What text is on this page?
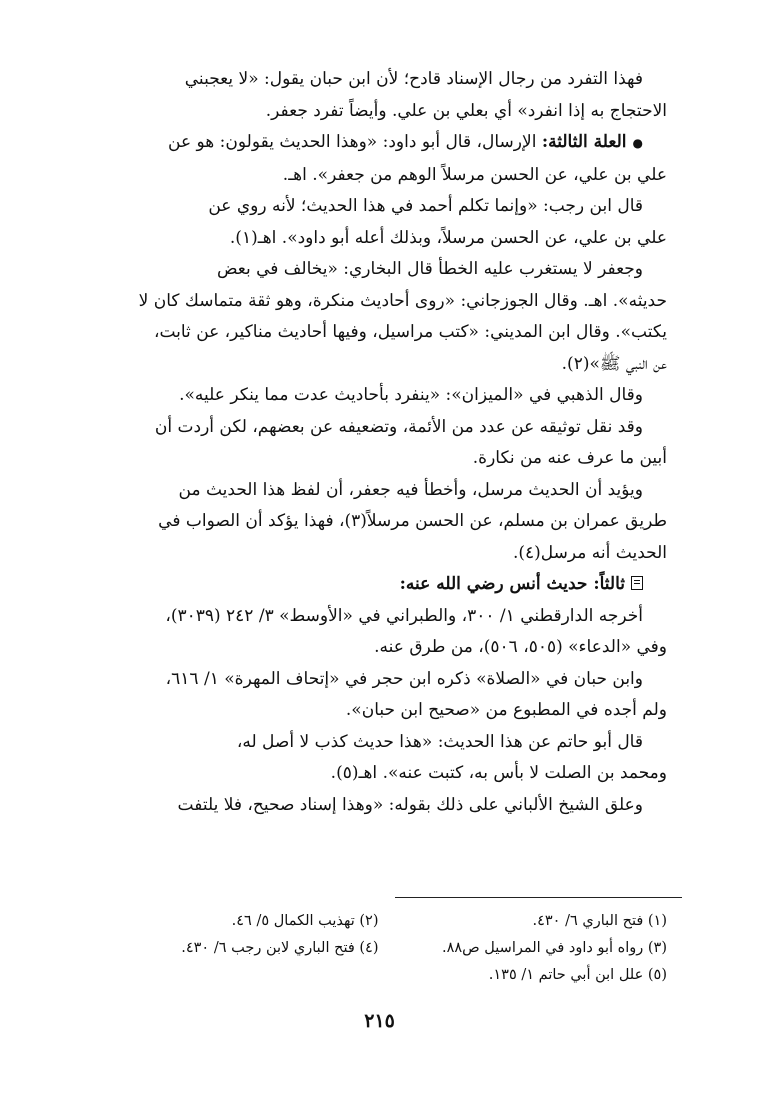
فهذا التفرد من رجال الإسناد قادح؛ لأن ابن حبان يقول: «لا يعجبني
الاحتجاج به إذا انفرد» أي بعلي بن علي. وأيضاً تفرد جعفر.
●العلة الثالثة: الإرسال، قال أبو داود: «وهذا الحديث يقولون: هو عن
علي بن علي، عن الحسن مرسلاً الوهم من جعفر». اهـ.
قال ابن رجب: «وإنما تكلم أحمد في هذا الحديث؛ لأنه روي عن
علي بن علي، عن الحسن مرسلاً، وبذلك أعله أبو داود». اهـ(١).
وجعفر لا يستغرب عليه الخطأ قال البخاري: «يخالف في بعض
حديثه». اهـ. وقال الجوزجاني: «روى أحاديث منكرة، وهو ثقة متماسك كان لا
يكتب». وقال ابن المديني: «كتب مراسيل، وفيها أحاديث مناكير، عن ثابت،
عن النبي ﷺ»(٢).
وقال الذهبي في «الميزان»: «ينفرد بأحاديث عدت مما ينكر عليه».
وقد نقل توثيقه عن عدد من الأئمة، وتضعيفه عن بعضهم، لكن أردت أن
أبين ما عرف عنه من نكارة.
ويؤيد أن الحديث مرسل، وأخطأ فيه جعفر، أن لفظ هذا الحديث من
طريق عمران بن مسلم، عن الحسن مرسلاً(٣)، فهذا يؤكد أن الصواب في
الحديث أنه مرسل(٤).
ثالثاً: حديث أنس رضي الله عنه:
أخرجه الدارقطني ١/ ٣٠٠، والطبراني في «الأوسط» ٣/ ٢٤٢ (٣٠٣٩)،
وفي «الدعاء» (٥٠٥، ٥٠٦)، من طرق عنه.
وابن حبان في «الصلاة» ذكره ابن حجر في «إتحاف المهرة» ١/ ٦١٦،
ولم أجده في المطبوع من «صحيح ابن حبان».
قال أبو حاتم عن هذا الحديث: «هذا حديث كذب لا أصل له،
ومحمد بن الصلت لا بأس به، كتبت عنه». اهـ(٥).
وعلق الشيخ الألباني على ذلك بقوله: «وهذا إسناد صحيح، فلا يلتفت
(١) فتح الباري ٦/ ٤٣٠.
(٢) تهذيب الكمال ٥/ ٤٦.
(٣) رواه أبو داود في المراسيل ص٨٨.
(٤) فتح الباري لابن رجب ٦/ ٤٣٠.
(٥) علل ابن أبي حاتم ١/ ١٣٥.
٢١٥
